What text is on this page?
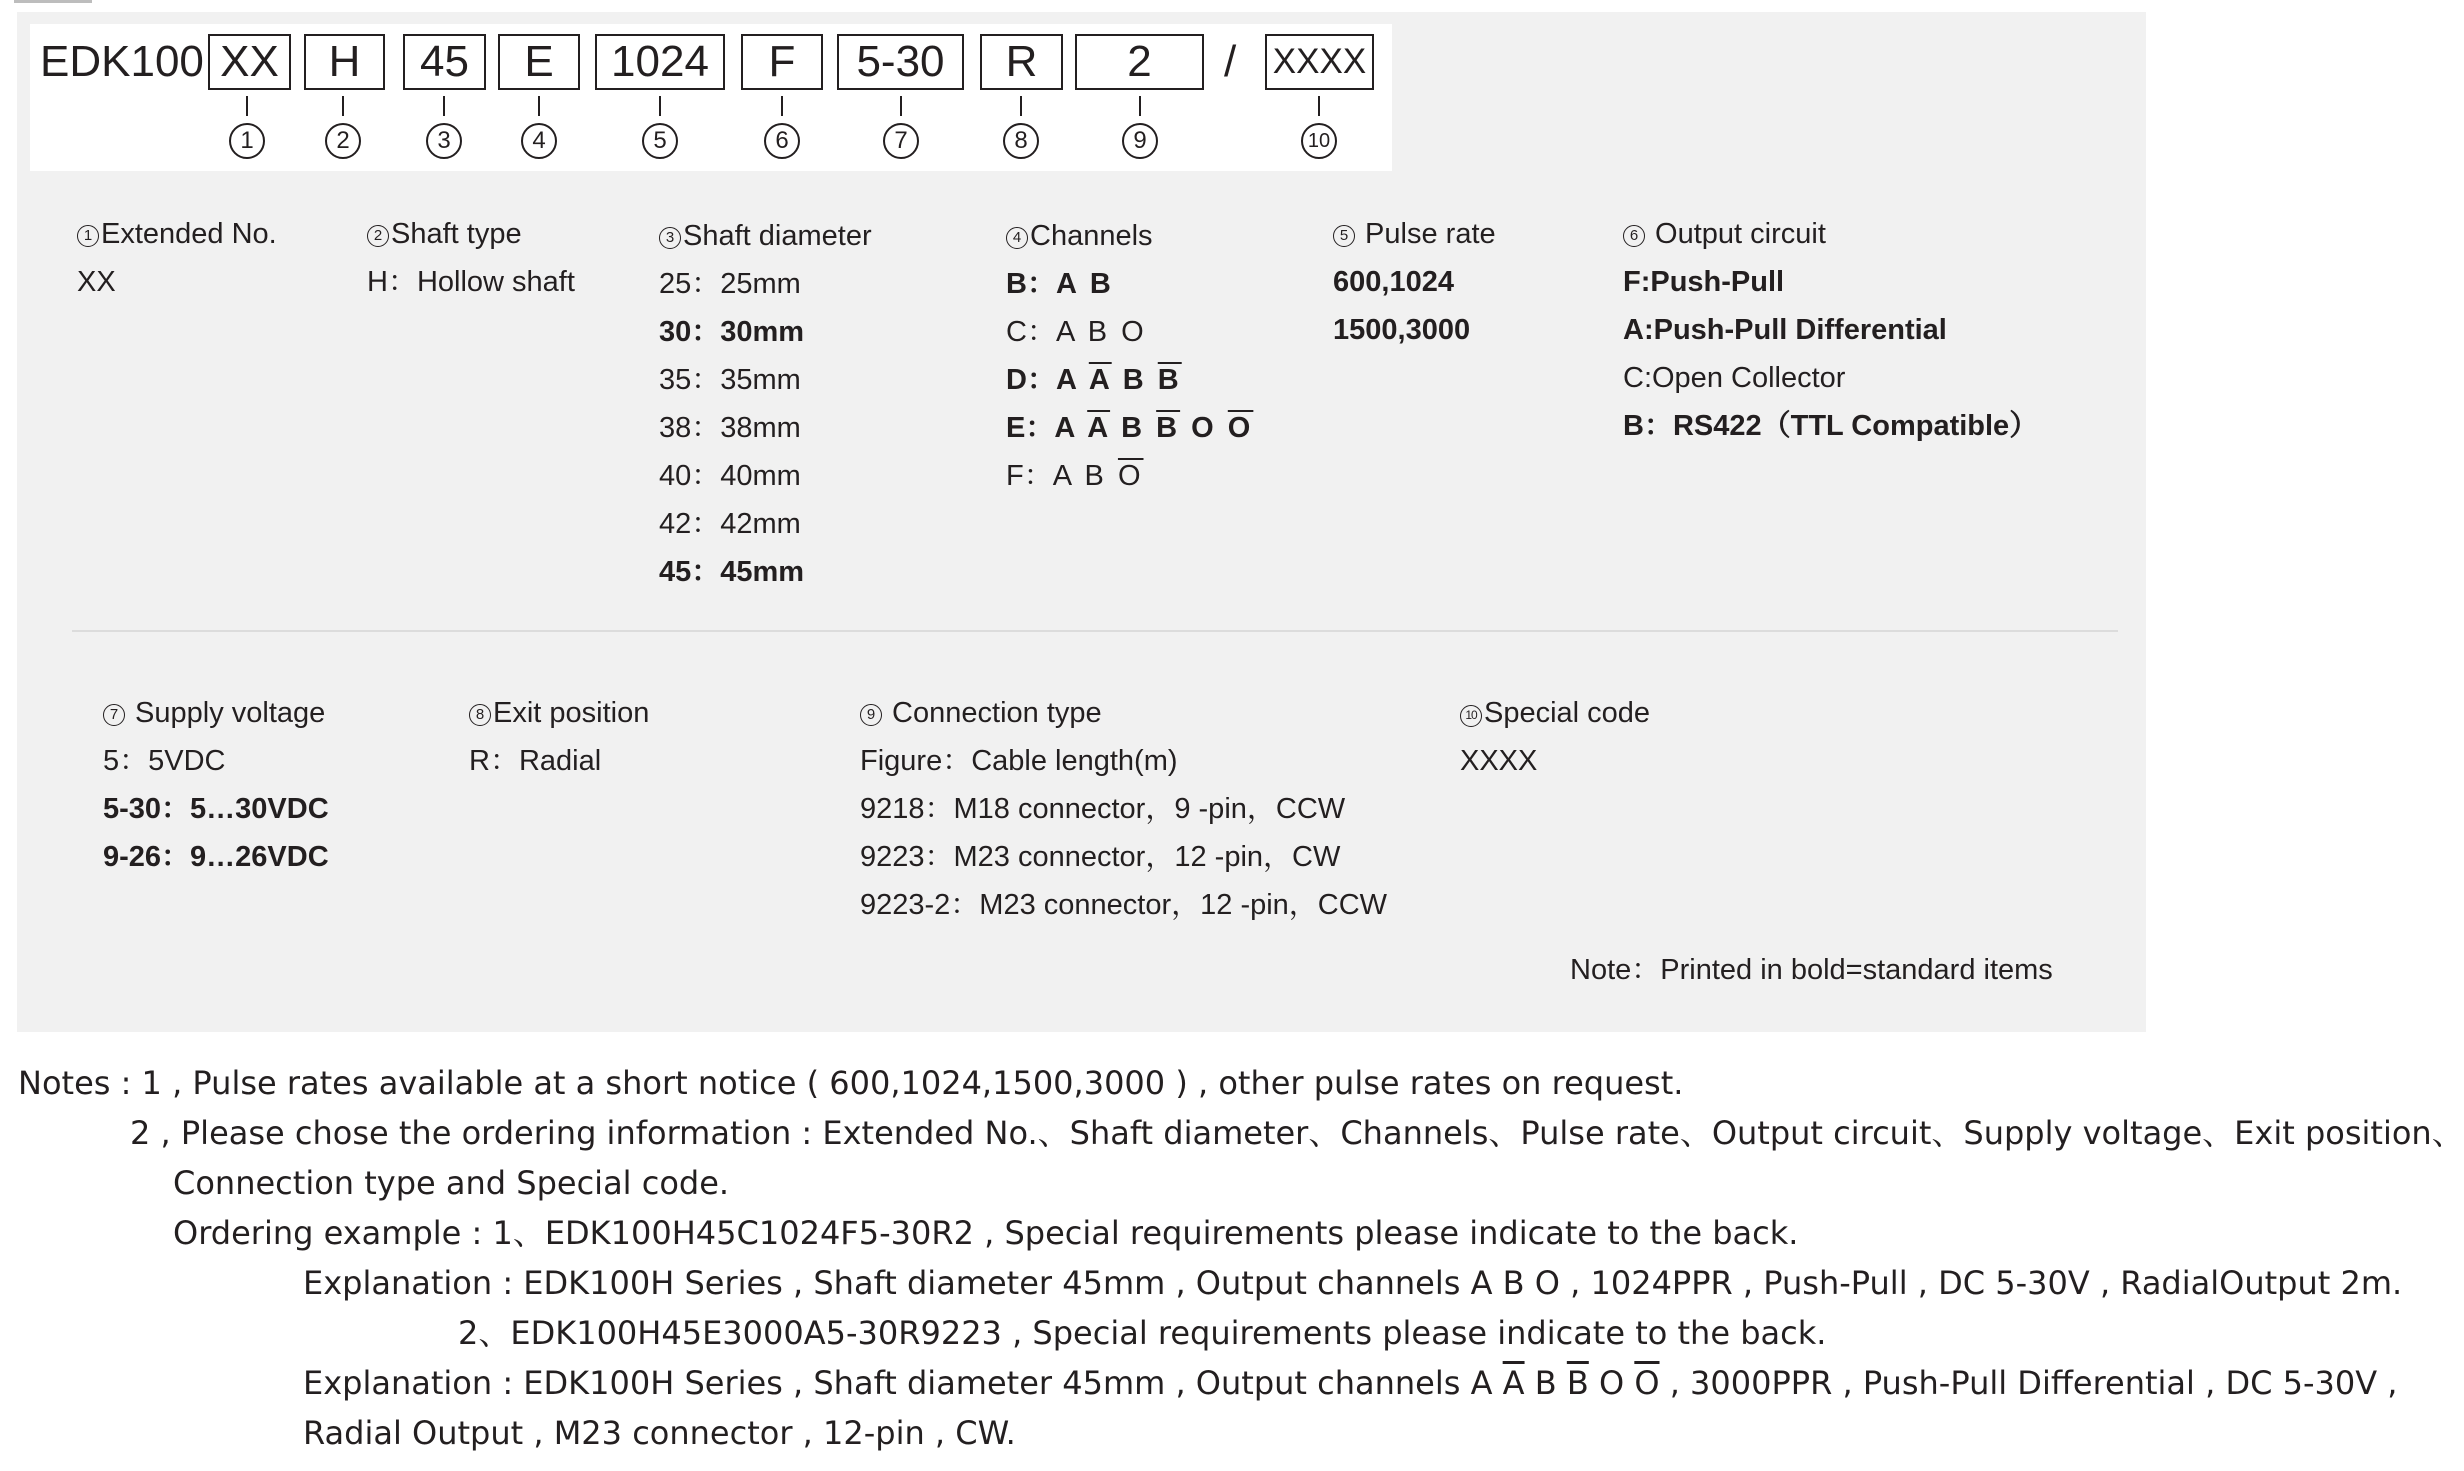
EDK100 XX	H	45	E	1024	F	5-30	R	2	/ XXXX
1	2	3	4	5	6	7	8	9	10
1 Extended No.
XX
2 Shaft type
H：Hollow shaft
3 Shaft diameter
25：25mm
30：30mm
35：35mm
38：38mm
40：40mm
42：42mm
45：45mm
4 Channels
B：A B
C：A B O
D：A $\overline{A}$ B $\overline{B}$
E：A $\overline{A}$ B $\overline{B}$ O $\overline{O}$
F：A B $\overline{O}$
5 Pulse rate
600,1024
1500,3000
6 Output circuit
F:Push-Pull
A:Push-Pull Differential
C:Open Collector
B：RS422（TTL Compatible）
7 Supply voltage
5：5VDC
5-30：5…30VDC
9-26：9…26VDC
8 Exit position
R：Radial
9 Connection type
Figure：Cable length(m)
9218：M18 connector，9 -pin，CCW
9223：M23 connector，12 -pin，CW
9223-2：M23 connector，12 -pin，CCW
10 Special code
XXXX
Note：Printed in bold=standard items
Notes : 1 , Pulse rates available at a short notice ( 600,1024,1500,3000 ) , other pulse rates on request.
2 , Please chose the ordering information : Extended No.、Shaft diameter、Channels、Pulse rate、Output circuit、Supply voltage、Exit position、
Connection type and Special code.
Ordering example : 1、EDK100H45C1024F5-30R2 , Special requirements please indicate to the back.
Explanation : EDK100H Series , Shaft diameter 45mm , Output channels A B O , 1024PPR , Push-Pull , DC 5-30V , RadialOutput 2m.
2、EDK100H45E3000A5-30R9223 , Special requirements please indicate to the back.
Explanation : EDK100H Series , Shaft diameter 45mm , Output channels A $\overline{A}$ B $\overline{B}$ O $\overline{O}$ , 3000PPR , Push-Pull Differential , DC 5-30V ,
Radial Output , M23 connector , 12-pin , CW.
